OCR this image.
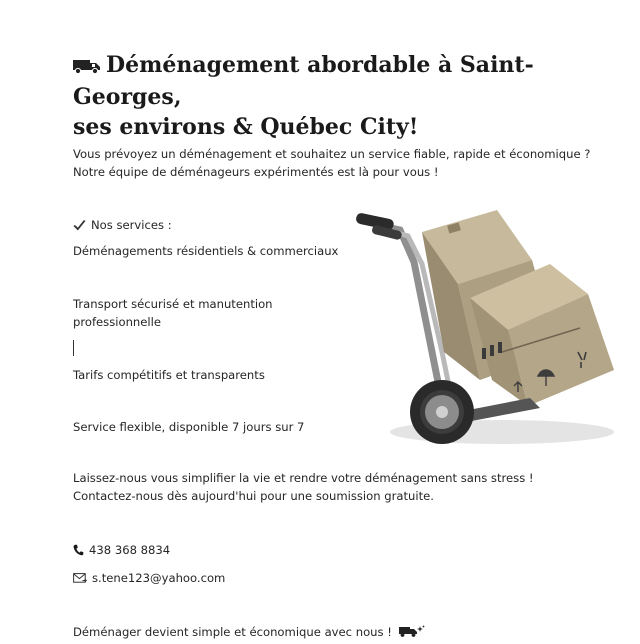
Déménagement abordable à Saint-Georges,
ses environs & Québec City!

Vous prévoyez un déménagement et souhaitez un service fiable, rapide et économique ? Notre équipe de déménageurs expérimentés est là pour vous !

Nos services :

Déménagements résidentiels & commerciaux

Transport sécurisé et manutention professionnelle

Tarifs compétitifs et transparents

Service flexible, disponible 7 jours sur 7

Laissez-nous vous simplifier la vie et rendre votre déménagement sans stress ! Contactez-nous dès aujourd'hui pour une soumission gratuite.

438 368 8834

s.tene123@yahoo.com

Déménager devient simple et économique avec nous !
